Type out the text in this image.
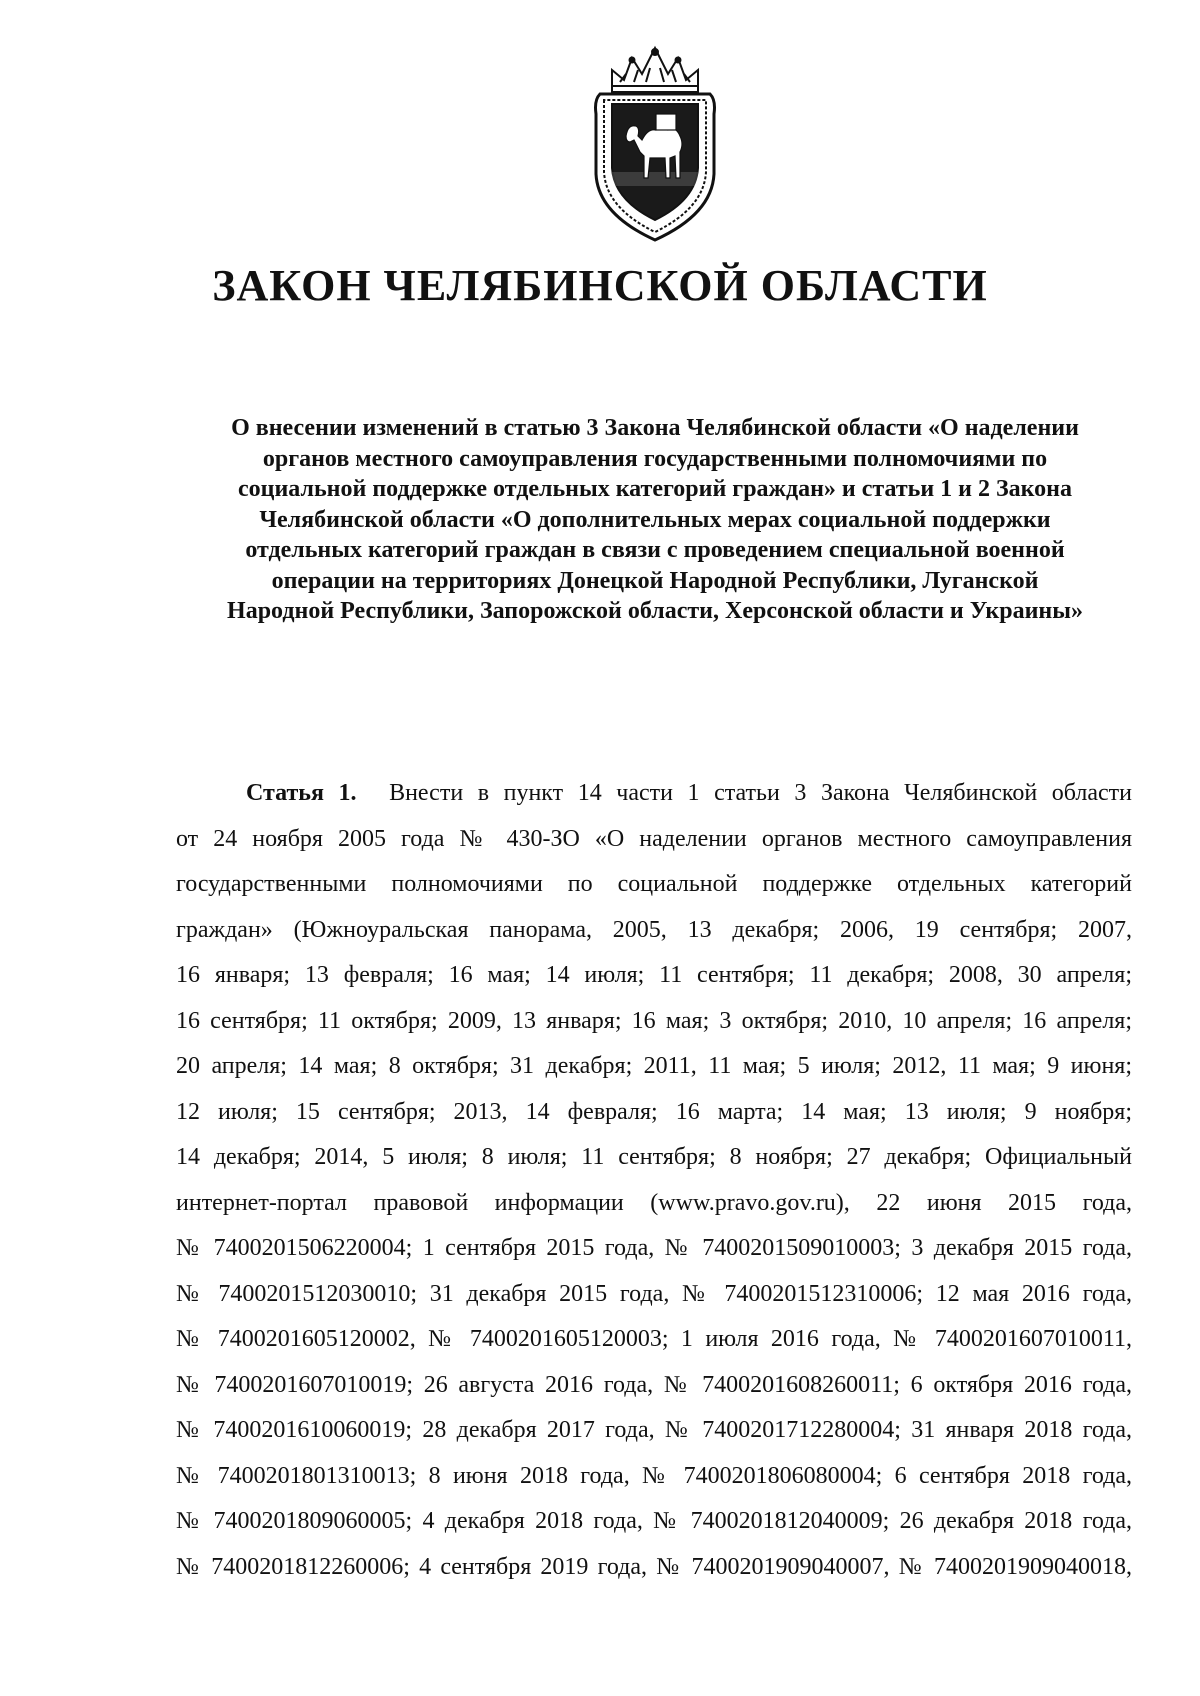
ЗАКОН ЧЕЛЯБИНСКОЙ ОБЛАСТИ
О внесении изменений в статью 3 Закона Челябинской области «О наделении
органов местного самоуправления государственными полномочиями по
социальной поддержке отдельных категорий граждан» и статьи 1 и 2 Закона
Челябинской области «О дополнительных мерах социальной поддержки
отдельных категорий граждан в связи с проведением специальной военной
операции на территориях Донецкой Народной Республики, Луганской
Народной Республики, Запорожской области, Херсонской области и Украины»
Статья 1. Внести в пункт 14 части 1 статьи 3 Закона Челябинской области
от 24 ноября 2005 года № 430-ЗО «О наделении органов местного самоуправления
государственными полномочиями по социальной поддержке отдельных категорий
граждан» (Южноуральская панорама, 2005, 13 декабря; 2006, 19 сентября; 2007,
16 января; 13 февраля; 16 мая; 14 июля; 11 сентября; 11 декабря; 2008, 30 апреля;
16 сентября; 11 октября; 2009, 13 января; 16 мая; 3 октября; 2010, 10 апреля; 16 апреля;
20 апреля; 14 мая; 8 октября; 31 декабря; 2011, 11 мая; 5 июля; 2012, 11 мая; 9 июня;
12 июля; 15 сентября; 2013, 14 февраля; 16 марта; 14 мая; 13 июля; 9 ноября;
14 декабря; 2014, 5 июля; 8 июля; 11 сентября; 8 ноября; 27 декабря; Официальный
интернет-портал правовой информации (www.pravo.gov.ru), 22 июня 2015 года,
№ 7400201506220004; 1 сентября 2015 года, № 7400201509010003; 3 декабря 2015 года,
№ 7400201512030010; 31 декабря 2015 года, № 7400201512310006; 12 мая 2016 года,
№ 7400201605120002, № 7400201605120003; 1 июля 2016 года, № 7400201607010011,
№ 7400201607010019; 26 августа 2016 года, № 7400201608260011; 6 октября 2016 года,
№ 7400201610060019; 28 декабря 2017 года, № 7400201712280004; 31 января 2018 года,
№ 7400201801310013; 8 июня 2018 года, № 7400201806080004; 6 сентября 2018 года,
№ 7400201809060005; 4 декабря 2018 года, № 7400201812040009; 26 декабря 2018 года,
№ 7400201812260006; 4 сентября 2019 года, № 7400201909040007, № 7400201909040018,
